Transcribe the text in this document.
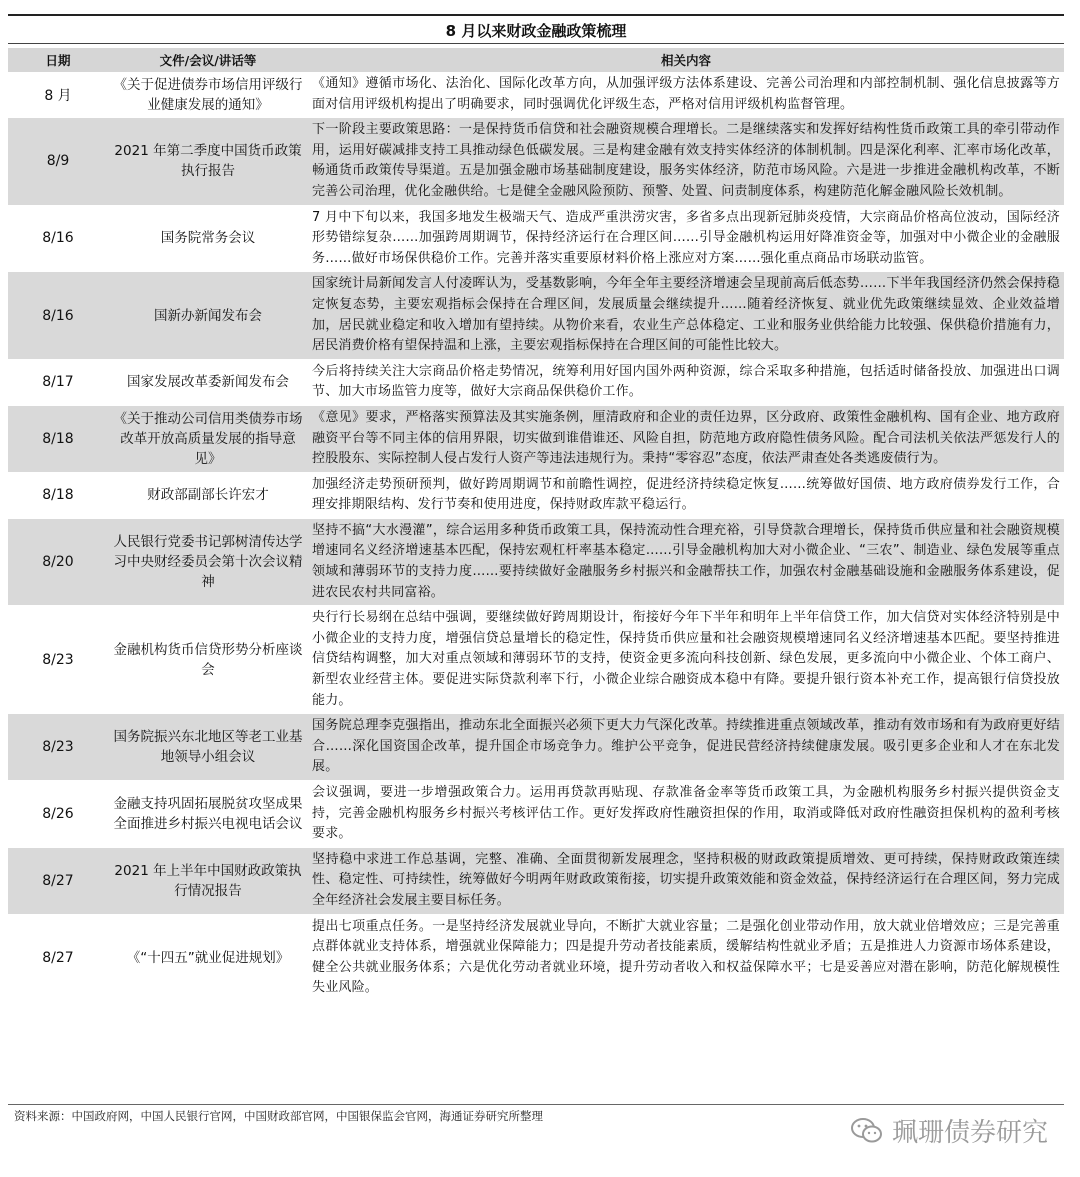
8 月以来财政金融政策梳理
日期	文件/会议/讲话等	相关内容
8 月	《关于促进债券市场信用评级行业健康发展的通知》	《通知》遵循市场化、法治化、国际化改革方向，从加强评级方法体系建设、完善公司治理和内部控制机制、强化信息披露等方面对信用评级机构提出了明确要求，同时强调优化评级生态，严格对信用评级机构监督管理。
8/9	2021 年第二季度中国货币政策执行报告	下一阶段主要政策思路：一是保持货币信贷和社会融资规模合理增长。二是继续落实和发挥好结构性货币政策工具的牵引带动作用，运用好碳减排支持工具推动绿色低碳发展。三是构建金融有效支持实体经济的体制机制。四是深化利率、汇率市场化改革，畅通货币政策传导渠道。五是加强金融市场基础制度建设，服务实体经济，防范市场风险。六是进一步推进金融机构改革，不断完善公司治理，优化金融供给。七是健全金融风险预防、预警、处置、问责制度体系，构建防范化解金融风险长效机制。
8/16	国务院常务会议	7 月中下旬以来，我国多地发生极端天气、造成严重洪涝灾害，多省多点出现新冠肺炎疫情，大宗商品价格高位波动，国际经济形势错综复杂……加强跨周期调节，保持经济运行在合理区间……引导金融机构运用好降准资金等，加强对中小微企业的金融服务……做好市场保供稳价工作。完善并落实重要原材料价格上涨应对方案……强化重点商品市场联动监管。
8/16	国新办新闻发布会	国家统计局新闻发言人付凌晖认为，受基数影响，今年全年主要经济增速会呈现前高后低态势……下半年我国经济仍然会保持稳定恢复态势，主要宏观指标会保持在合理区间，发展质量会继续提升……随着经济恢复、就业优先政策继续显效、企业效益增加，居民就业稳定和收入增加有望持续。从物价来看，农业生产总体稳定、工业和服务业供给能力比较强、保供稳价措施有力，居民消费价格有望保持温和上涨，主要宏观指标保持在合理区间的可能性比较大。
8/17	国家发展改革委新闻发布会	今后将持续关注大宗商品价格走势情况，统筹利用好国内国外两种资源，综合采取多种措施，包括适时储备投放、加强进出口调节、加大市场监管力度等，做好大宗商品保供稳价工作。
8/18	《关于推动公司信用类债券市场改革开放高质量发展的指导意见》	《意见》要求，严格落实预算法及其实施条例，厘清政府和企业的责任边界，区分政府、政策性金融机构、国有企业、地方政府融资平台等不同主体的信用界限，切实做到谁借谁还、风险自担，防范地方政府隐性债务风险。配合司法机关依法严惩发行人的控股股东、实际控制人侵占发行人资产等违法违规行为。秉持“零容忍”态度，依法严肃查处各类逃废债行为。
8/18	财政部副部长许宏才	加强经济走势预研预判，做好跨周期调节和前瞻性调控，促进经济持续稳定恢复……统筹做好国债、地方政府债券发行工作，合理安排期限结构、发行节奏和使用进度，保持财政库款平稳运行。
8/20	人民银行党委书记郭树清传达学习中央财经委员会第十次会议精神	坚持不搞“大水漫灌”，综合运用多种货币政策工具，保持流动性合理充裕，引导贷款合理增长，保持货币供应量和社会融资规模增速同名义经济增速基本匹配，保持宏观杠杆率基本稳定……引导金融机构加大对小微企业、“三农”、制造业、绿色发展等重点领域和薄弱环节的支持力度……要持续做好金融服务乡村振兴和金融帮扶工作，加强农村金融基础设施和金融服务体系建设，促进农民农村共同富裕。
8/23	金融机构货币信贷形势分析座谈会	央行行长易纲在总结中强调，要继续做好跨周期设计，衔接好今年下半年和明年上半年信贷工作，加大信贷对实体经济特别是中小微企业的支持力度，增强信贷总量增长的稳定性，保持货币供应量和社会融资规模增速同名义经济增速基本匹配。要坚持推进信贷结构调整，加大对重点领域和薄弱环节的支持，使资金更多流向科技创新、绿色发展，更多流向中小微企业、个体工商户、新型农业经营主体。要促进实际贷款利率下行，小微企业综合融资成本稳中有降。要提升银行资本补充工作，提高银行信贷投放能力。
8/23	国务院振兴东北地区等老工业基地领导小组会议	国务院总理李克强指出，推动东北全面振兴必须下更大力气深化改革。持续推进重点领域改革，推动有效市场和有为政府更好结合……深化国资国企改革，提升国企市场竞争力。维护公平竞争，促进民营经济持续健康发展。吸引更多企业和人才在东北发展。
8/26	金融支持巩固拓展脱贫攻坚成果 全面推进乡村振兴电视电话会议	会议强调，要进一步增强政策合力。运用再贷款再贴现、存款准备金率等货币政策工具，为金融机构服务乡村振兴提供资金支持，完善金融机构服务乡村振兴考核评估工作。更好发挥政府性融资担保的作用，取消或降低对政府性融资担保机构的盈利考核要求。
8/27	2021 年上半年中国财政政策执行情况报告	坚持稳中求进工作总基调，完整、准确、全面贯彻新发展理念，坚持积极的财政政策提质增效、更可持续，保持财政政策连续性、稳定性、可持续性，统筹做好今明两年财政政策衔接，切实提升政策效能和资金效益，保持经济运行在合理区间，努力完成全年经济社会发展主要目标任务。
8/27	《“十四五”就业促进规划》	提出七项重点任务。一是坚持经济发展就业导向，不断扩大就业容量；二是强化创业带动作用，放大就业倍增效应；三是完善重点群体就业支持体系，增强就业保障能力；四是提升劳动者技能素质，缓解结构性就业矛盾；五是推进人力资源市场体系建设，健全公共就业服务体系；六是优化劳动者就业环境，提升劳动者收入和权益保障水平；七是妥善应对潜在影响，防范化解规模性失业风险。
资料来源：中国政府网，中国人民银行官网，中国财政部官网，中国银保监会官网，海通证券研究所整理
珮珊债券研究
